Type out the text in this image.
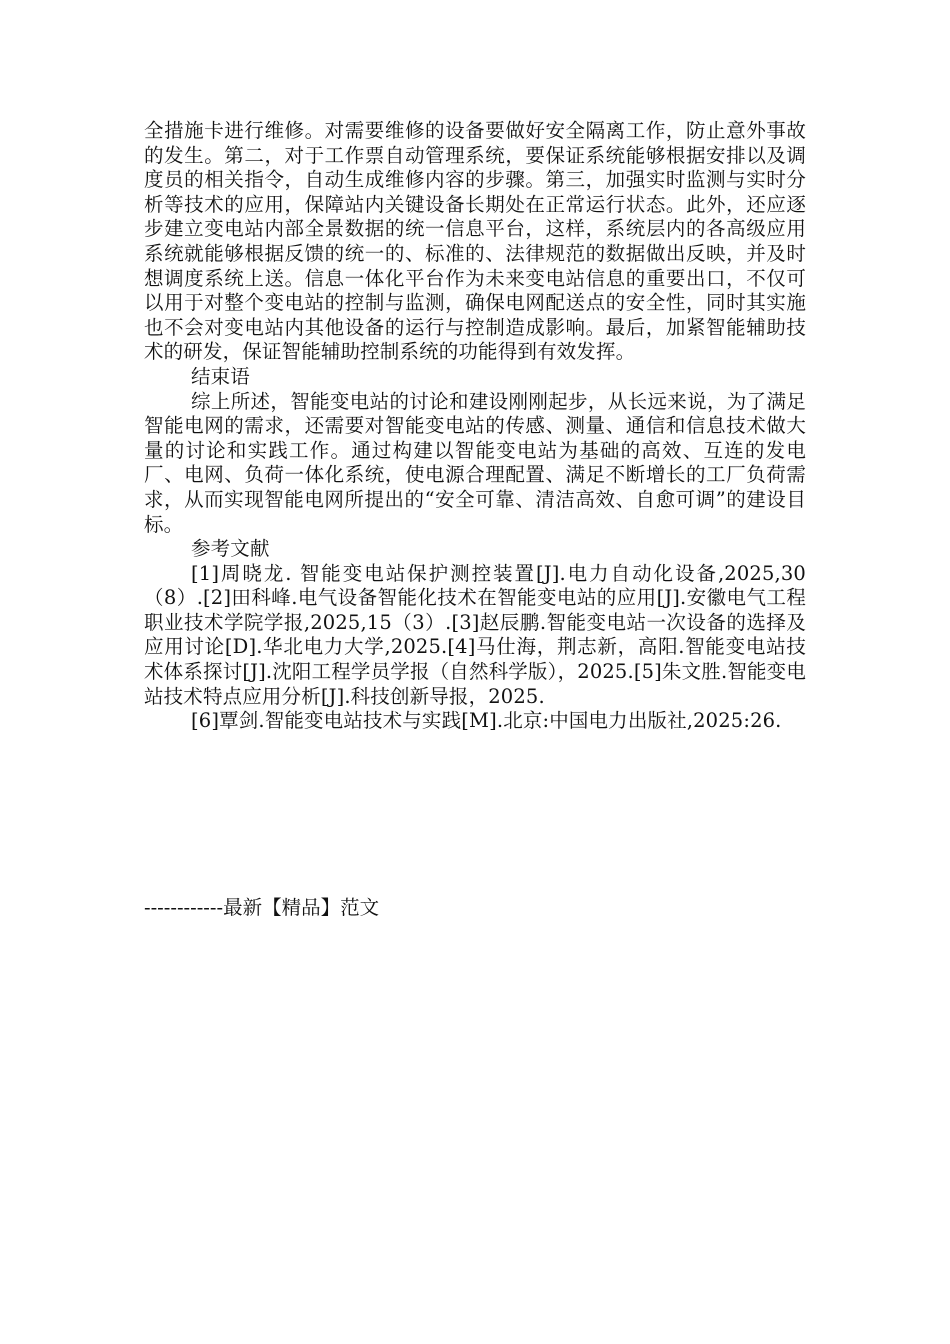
全措施卡进行维修。对需要维修的设备要做好安全隔离工作，防止意外事故的发生。第二，对于工作票自动管理系统，要保证系统能够根据安排以及调度员的相关指令，自动生成维修内容的步骤。第三，加强实时监测与实时分析等技术的应用，保障站内关键设备长期处在正常运行状态。此外，还应逐步建立变电站内部全景数据的统一信息平台，这样，系统层内的各高级应用系统就能够根据反馈的统一的、标准的、法律规范的数据做出反映，并及时想调度系统上送。信息一体化平台作为未来变电站信息的重要出口，不仅可以用于对整个变电站的控制与监测，确保电网配送点的安全性，同时其实施也不会对变电站内其他设备的运行与控制造成影响。最后，加紧智能辅助技术的研发，保证智能辅助控制系统的功能得到有效发挥。

结束语

综上所述，智能变电站的讨论和建设刚刚起步，从长远来说，为了满足智能电网的需求，还需要对智能变电站的传感、测量、通信和信息技术做大量的讨论和实践工作。通过构建以智能变电站为基础的高效、互连的发电厂、电网、负荷一体化系统，使电源合理配置、满足不断增长的工厂负荷需求，从而实现智能电网所提出的“安全可靠、清洁高效、自愈可调”的建设目标。

参考文献

[1]周晓龙. 智能变电站保护测控装置[J].电力自动化设备,2025,30（8）.[2]田科峰.电气设备智能化技术在智能变电站的应用[J].安徽电气工程职业技术学院学报,2025,15（3）.[3]赵辰鹏.智能变电站一次设备的选择及应用讨论[D].华北电力大学,2025.[4]马仕海，荆志新，高阳.智能变电站技术体系探讨[J].沈阳工程学员学报（自然科学版），2025.[5]朱文胜.智能变电站技术特点应用分析[J].科技创新导报，2025.

[6]覃剑.智能变电站技术与实践[M].北京:中国电力出版社,2025:26.

------------最新【精品】范文
